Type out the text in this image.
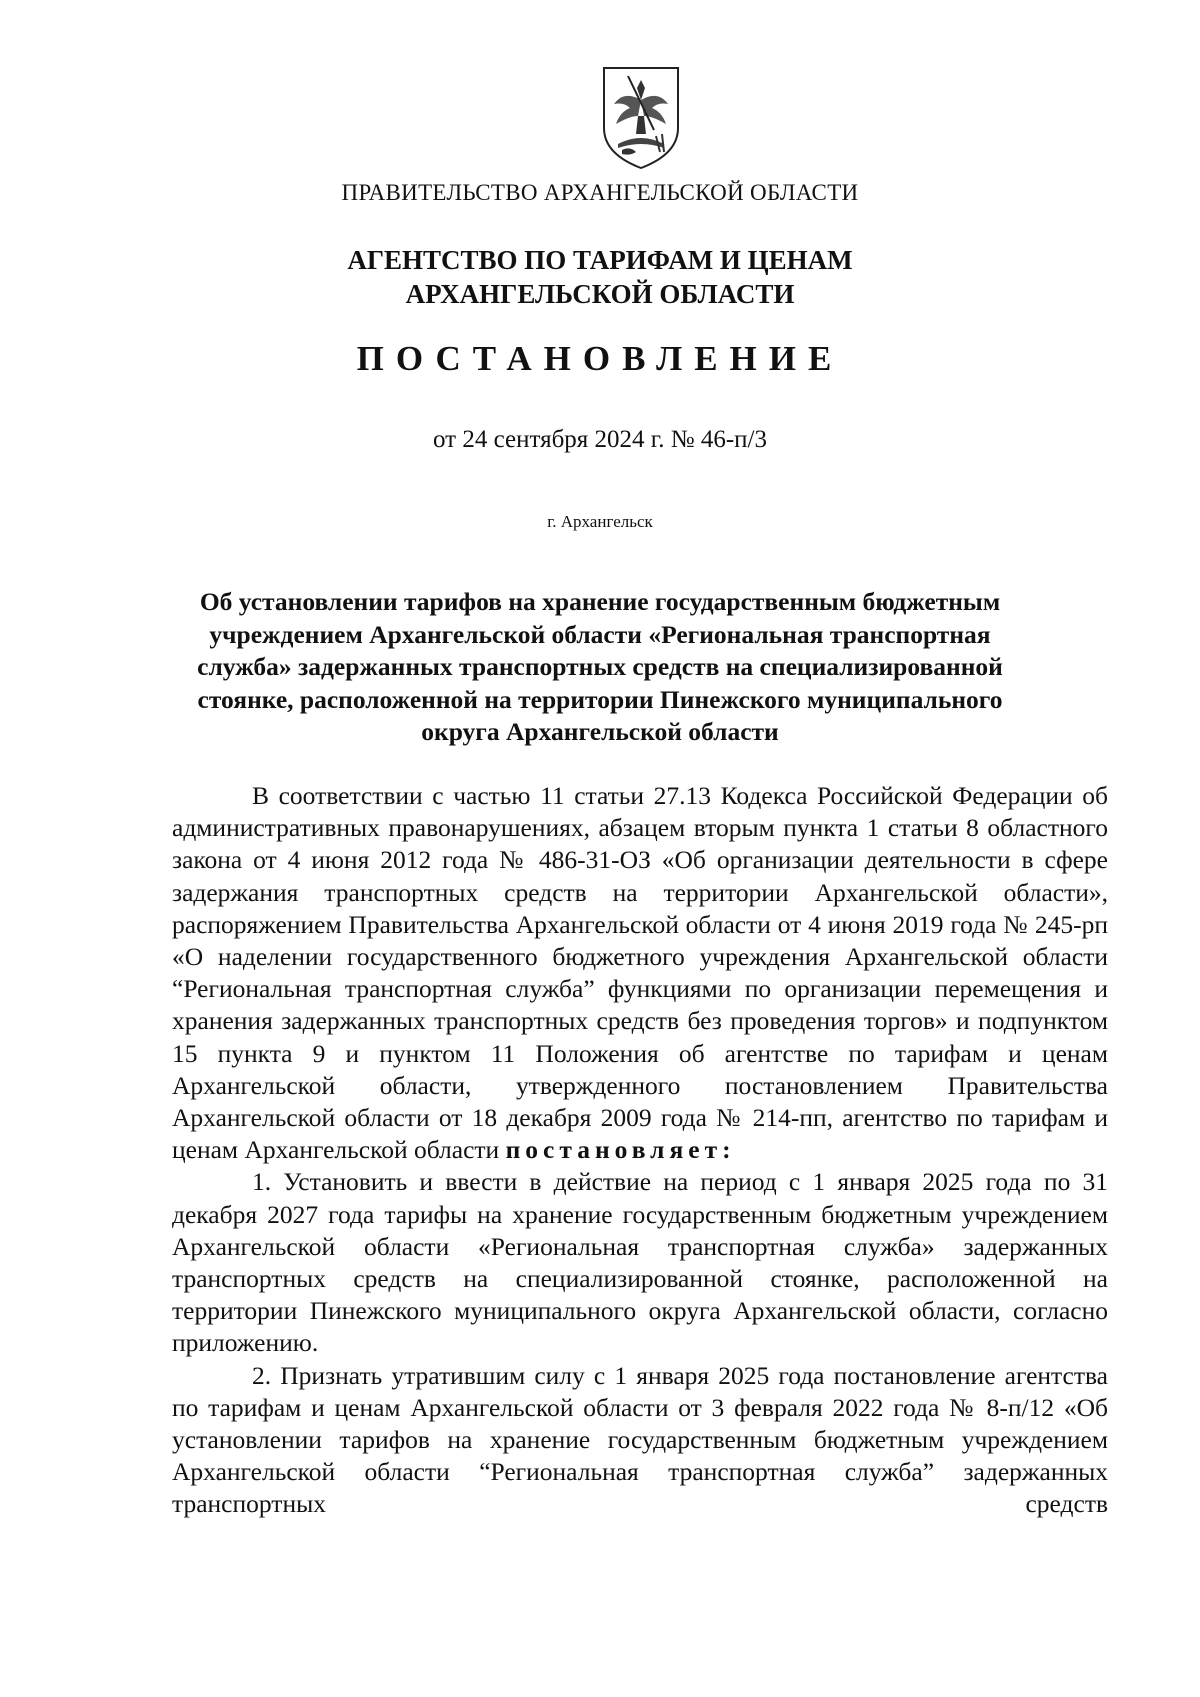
ПРАВИТЕЛЬСТВО АРХАНГЕЛЬСКОЙ ОБЛАСТИ
АГЕНТСТВО ПО ТАРИФАМ И ЦЕНАМ
АРХАНГЕЛЬСКОЙ ОБЛАСТИ
ПОСТАНОВЛЕНИЕ
от 24 сентября 2024 г. № 46-п/3
г. Архангельск
Об установлении тарифов на хранение государственным бюджетным учреждением Архангельской области «Региональная транспортная служба» задержанных транспортных средств на специализированной стоянке, расположенной на территории Пинежского муниципального округа Архангельской области

В соответствии с частью 11 статьи 27.13 Кодекса Российской Федерации об административных правонарушениях, абзацем вторым пункта 1 статьи 8 областного закона от 4 июня 2012 года № 486-31-ОЗ «Об организации деятельности в сфере задержания транспортных средств на территории Архангельской области», распоряжением Правительства Архангельской области от 4 июня 2019 года № 245-рп «О наделении государственного бюджетного учреждения Архангельской области “Региональная транспортная служба” функциями по организации перемещения и хранения задержанных транспортных средств без проведения торгов» и подпунктом 15 пункта 9 и пунктом 11 Положения об агентстве по тарифам и ценам Архангельской области, утвержденного постановлением Правительства Архангельской области от 18 декабря 2009 года № 214-пп, агентство по тарифам и ценам Архангельской области постановляет:

1. Установить и ввести в действие на период с 1 января 2025 года по 31 декабря 2027 года тарифы на хранение государственным бюджетным учреждением Архангельской области «Региональная транспортная служба» задержанных транспортных средств на специализированной стоянке, расположенной на территории Пинежского муниципального округа Архангельской области, согласно приложению.

2. Признать утратившим силу с 1 января 2025 года постановление агентства по тарифам и ценам Архангельской области от 3 февраля 2022 года № 8-п/12 «Об установлении тарифов на хранение государственным бюджетным учреждением Архангельской области “Региональная транспортная служба” задержанных транспортных средств
